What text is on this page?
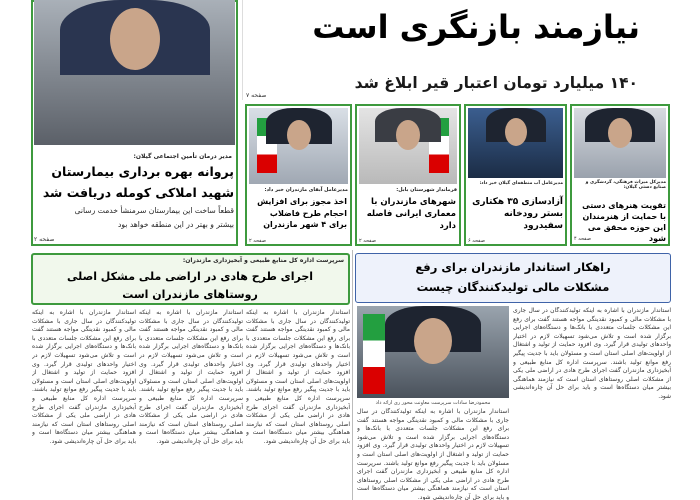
مدیر درمان تأمین اجتماعی گیلان:
پروانه بهره برداری بیمارستان
شهید املاکی کومله دریافت شد
قطعاً ساخت این بیمارستان سرمنشأ خدمت رسانی
بیشتر و بهتر در این منطقه خواهد بود
صفحه ۲
نیازمند بازنگری است
۱۴۰ میلیارد تومان اعتبار قیر ابلاغ شد
صفحه ۷
مدیرکل میراث فرهنگی، گردشگری و صنایع دستی گیلان:
تقویت هنرهای دستی با حمایت از هنرمندان این حوزه محقق می شود
صفحه ۴
مدیرعامل آب منطقه‌ای گیلان خبر داد:
آزادسازی ۳۵ هکتاری بستر رودخانه سفیدرود
صفحه ۶
فرماندار شهرستان بابل:
شهرهای مازندران با معماری ایرانی فاصله دارد
صفحه ۲
مدیرعامل آبفای مازندران خبر داد:
اخذ مجوز برای افزایش احجام طرح فاضلاب برای ۴ شهر مازندران
صفحه ۲
راهکار استاندار مازندران برای رفع
مشکلات مالی تولیدکنندگان چیست
محمودرضا سادات سرپرست معاونت محور ری ارائه داد
استاندار مازندران با اشاره به اینکه تولیدکنندگان در سال جاری با مشکلات مالی و کمبود نقدینگی مواجه هستند گفت برای رفع این مشکلات جلسات متعددی با بانک‌ها و دستگاه‌های اجرایی برگزار شده است و تلاش می‌شود تسهیلات لازم در اختیار واحدهای تولیدی قرار گیرد. وی افزود حمایت از تولید و اشتغال از اولویت‌های اصلی استان است و مسئولان باید با جدیت پیگیر رفع موانع تولید باشند. سرپرست اداره کل منابع طبیعی و آبخیزداری مازندران گفت اجرای طرح هادی در اراضی ملی یکی از مشکلات اصلی روستاهای استان است که نیازمند هماهنگی بیشتر میان دستگاه‌ها است و باید برای حل آن چاره‌اندیشی شود.
استاندار مازندران با اشاره به اینکه تولیدکنندگان در سال جاری با مشکلات مالی و کمبود نقدینگی مواجه هستند گفت برای رفع این مشکلات جلسات متعددی با بانک‌ها و دستگاه‌های اجرایی برگزار شده است و تلاش می‌شود تسهیلات لازم در اختیار واحدهای تولیدی قرار گیرد. وی افزود حمایت از تولید و اشتغال از اولویت‌های اصلی استان است و مسئولان باید با جدیت پیگیر رفع موانع تولید باشند. سرپرست اداره کل منابع طبیعی و آبخیزداری مازندران گفت اجرای طرح هادی در اراضی ملی یکی از مشکلات اصلی روستاهای استان است که نیازمند هماهنگی بیشتر میان دستگاه‌ها است و باید برای حل آن چاره‌اندیشی شود.
سرپرست اداره کل منابع طبیعی و آبخیزداری مازندران:
اجرای طرح هادی در اراضی ملی مشکل اصلی
روستاهای مازندران است
استاندار مازندران با اشاره به اینکه تولیدکنندگان در سال جاری با مشکلات مالی و کمبود نقدینگی مواجه هستند گفت برای رفع این مشکلات جلسات متعددی با بانک‌ها و دستگاه‌های اجرایی برگزار شده است و تلاش می‌شود تسهیلات لازم در اختیار واحدهای تولیدی قرار گیرد. وی افزود حمایت از تولید و اشتغال از اولویت‌های اصلی استان است و مسئولان باید با جدیت پیگیر رفع موانع تولید باشند. سرپرست اداره کل منابع طبیعی و آبخیزداری مازندران گفت اجرای طرح هادی در اراضی ملی یکی از مشکلات اصلی روستاهای استان است که نیازمند هماهنگی بیشتر میان دستگاه‌ها است و باید برای حل آن چاره‌اندیشی شود.
استاندار مازندران با اشاره به اینکه تولیدکنندگان در سال جاری با مشکلات مالی و کمبود نقدینگی مواجه هستند گفت برای رفع این مشکلات جلسات متعددی با بانک‌ها و دستگاه‌های اجرایی برگزار شده است و تلاش می‌شود تسهیلات لازم در اختیار واحدهای تولیدی قرار گیرد. وی افزود حمایت از تولید و اشتغال از اولویت‌های اصلی استان است و مسئولان باید با جدیت پیگیر رفع موانع تولید باشند. سرپرست اداره کل منابع طبیعی و آبخیزداری مازندران گفت اجرای طرح هادی در اراضی ملی یکی از مشکلات اصلی روستاهای استان است که نیازمند هماهنگی بیشتر میان دستگاه‌ها است و باید برای حل آن چاره‌اندیشی شود.
استاندار مازندران با اشاره به اینکه تولیدکنندگان در سال جاری با مشکلات مالی و کمبود نقدینگی مواجه هستند گفت برای رفع این مشکلات جلسات متعددی با بانک‌ها و دستگاه‌های اجرایی برگزار شده است و تلاش می‌شود تسهیلات لازم در اختیار واحدهای تولیدی قرار گیرد. وی افزود حمایت از تولید و اشتغال از اولویت‌های اصلی استان است و مسئولان باید با جدیت پیگیر رفع موانع تولید باشند. سرپرست اداره کل منابع طبیعی و آبخیزداری مازندران گفت اجرای طرح هادی در اراضی ملی یکی از مشکلات اصلی روستاهای استان است که نیازمند هماهنگی بیشتر میان دستگاه‌ها است و باید برای حل آن چاره‌اندیشی شود.
